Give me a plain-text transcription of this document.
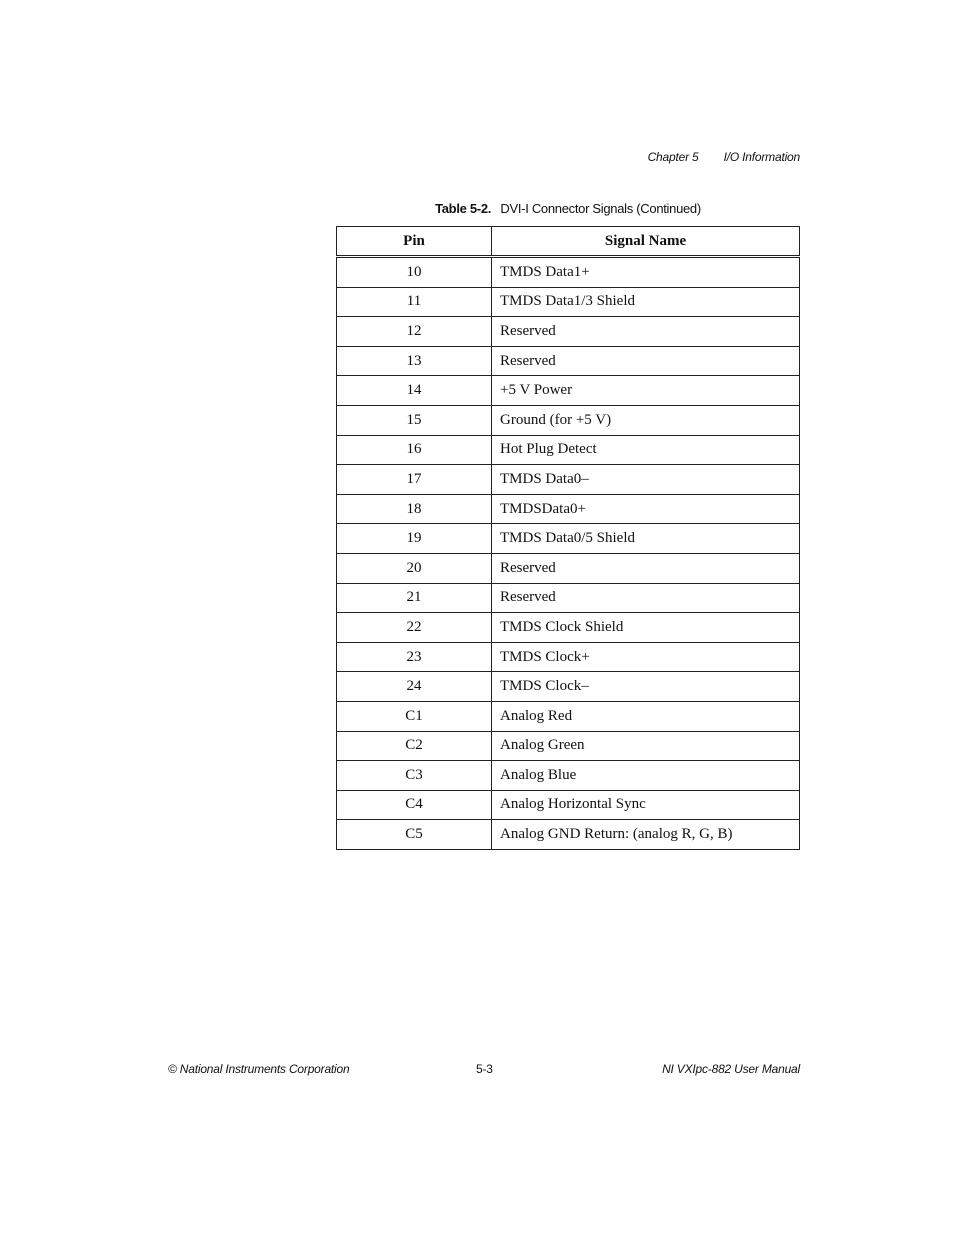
Chapter 5 I/O Information
Table 5-2. DVI-I Connector Signals (Continued)
Pin	Signal Name
10	TMDS Data1+
11	TMDS Data1/3 Shield
12	Reserved
13	Reserved
14	+5 V Power
15	Ground (for +5 V)
16	Hot Plug Detect
17	TMDS Data0–
18	TMDSData0+
19	TMDS Data0/5 Shield
20	Reserved
21	Reserved
22	TMDS Clock Shield
23	TMDS Clock+
24	TMDS Clock–
C1	Analog Red
C2	Analog Green
C3	Analog Blue
C4	Analog Horizontal Sync
C5	Analog GND Return: (analog R, G, B)
© National Instruments Corporation	5-3	NI VXIpc-882 User Manual
